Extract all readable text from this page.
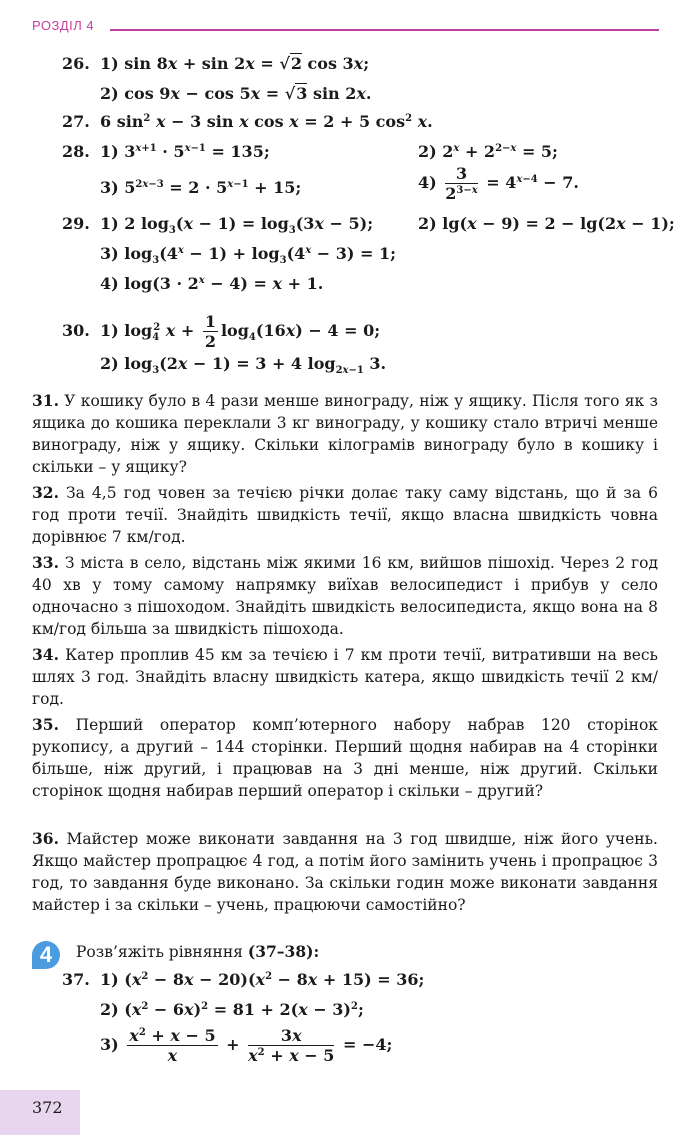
РОЗДІЛ 4
26. 1) sin 8x + sin 2x = √2 cos 3x;
2) cos 9x − cos 5x = √3 sin 2x.
27. 6 $\sin^2 x - 3$ sin x cos x = 2 + 5 $\cos^2 x$.
28. 1) $3^{x+1} \cdot 5^{x-1} = 135$;	2) $2^x + 2^{2-x} = 5$;
3) $5^{2x-3} = 2 \cdot 5^{x-1} + 15$;	$4) \frac{3}{2^{3-x}} = 4^{x-4} - 7$.
29. 1) 2 $\log_3(x - 1) = \log_3(3x - 5)$;	2) lg(x − 9) = 2 − lg(2x − 1);
3) $\log_3(4^x - 1) + \log_3(4^x - 3) = 1$;
4) $\log(3 \cdot 2^x - 4) = x + 1$.
30. 1) $\log_4^2 x + \frac{1}{2} \log_4(16x) - 4 = 0$;
2) $\log_3(2x - 1) = 3 + 4$ $\log_{2x-1} 3$.
31. У кошику було в 4 рази менше винограду, ніж у ящику. Після того як з ящика до кошика переклали 3 кг винограду, у кошику стало втричі менше винограду, ніж у ящику. Скільки кілограмів винограду було в кошику і скільки – у ящику?
32. За 4,5 год човен за течією річки долає таку саму відстань, що й за 6 год проти течії. Знайдіть швидкість течії, якщо власна швидкість човна дорівнює 7 км/год.
33. З міста в село, відстань між якими 16 км, вийшов пішохід. Через 2 год 40 хв у тому самому напрямку виїхав велосипедист і прибув у село одночасно з пішоходом. Знайдіть швидкість велосипедиста, якщо вона на 8 км/год більша за швидкість пішохода.
34. Катер проплив 45 км за течією і 7 км проти течії, витративши на весь шлях 3 год. Знайдіть власну швидкість катера, якщо швидкість течії 2 км/год.
35. Перший оператор комп’ютерного набору набрав 120 сторінок рукопису, а другий – 144 сторінки. Перший щодня набирав на 4 сторінки більше, ніж другий, і працював на 3 дні менше, ніж другий. Скільки сторінок щодня набирав перший оператор і скільки – другий?
36. Майстер може виконати завдання на 3 год швидше, ніж його учень. Якщо майстер пропрацює 4 год, а потім його замінить учень і пропрацює 3 год, то завдання буде виконано. За скільки годин може виконати завдання майстер і за скільки – учень, працюючи самостійно?
4	Розв’яжіть рівняння (37–38):
37. 1) $(x^2 - 8x - 20)(x^2 - 8x + 15) = 36$;
2) $(x^2 - 6x)^2 = 81 + 2(x - 3)^2$;
$3) \frac{x^2 + x - 5}{x} + \frac{3x}{x^2 + x - 5} = -4$;
372
